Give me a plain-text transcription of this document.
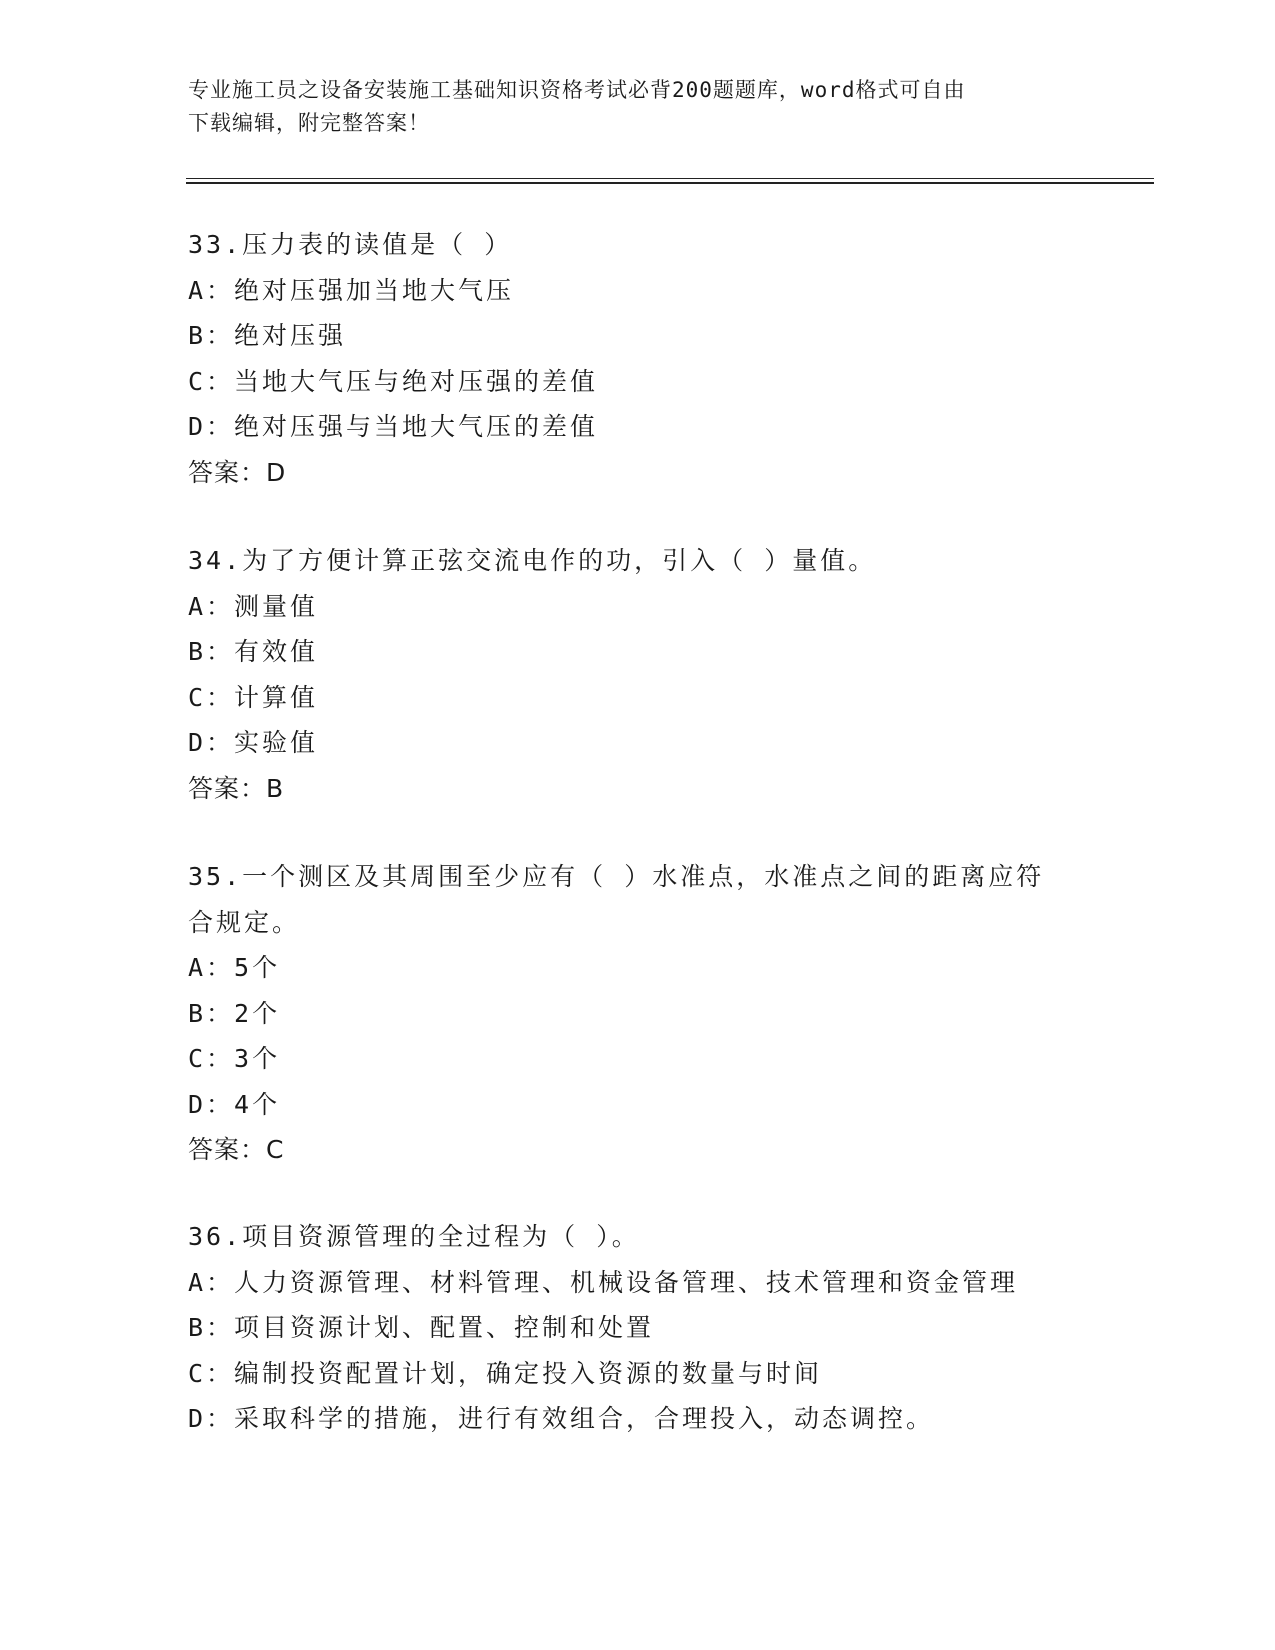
专业施工员之设备安装施工基础知识资格考试必背200题题库，word格式可自由
下载编辑，附完整答案！
33.压力表的读值是（ ）
A：绝对压强加当地大气压
B：绝对压强
C：当地大气压与绝对压强的差值
D：绝对压强与当地大气压的差值
答案：D
34.为了方便计算正弦交流电作的功，引入（ ）量值。
A：测量值
B：有效值
C：计算值
D：实验值
答案：B
35.一个测区及其周围至少应有（ ）水准点，水准点之间的距离应符
合规定。
A：5个
B：2个
C：3个
D：4个
答案：C
36.项目资源管理的全过程为（ ）。
A：人力资源管理、材料管理、机械设备管理、技术管理和资金管理
B：项目资源计划、配置、控制和处置
C：编制投资配置计划，确定投入资源的数量与时间
D：采取科学的措施，进行有效组合，合理投入，动态调控。
